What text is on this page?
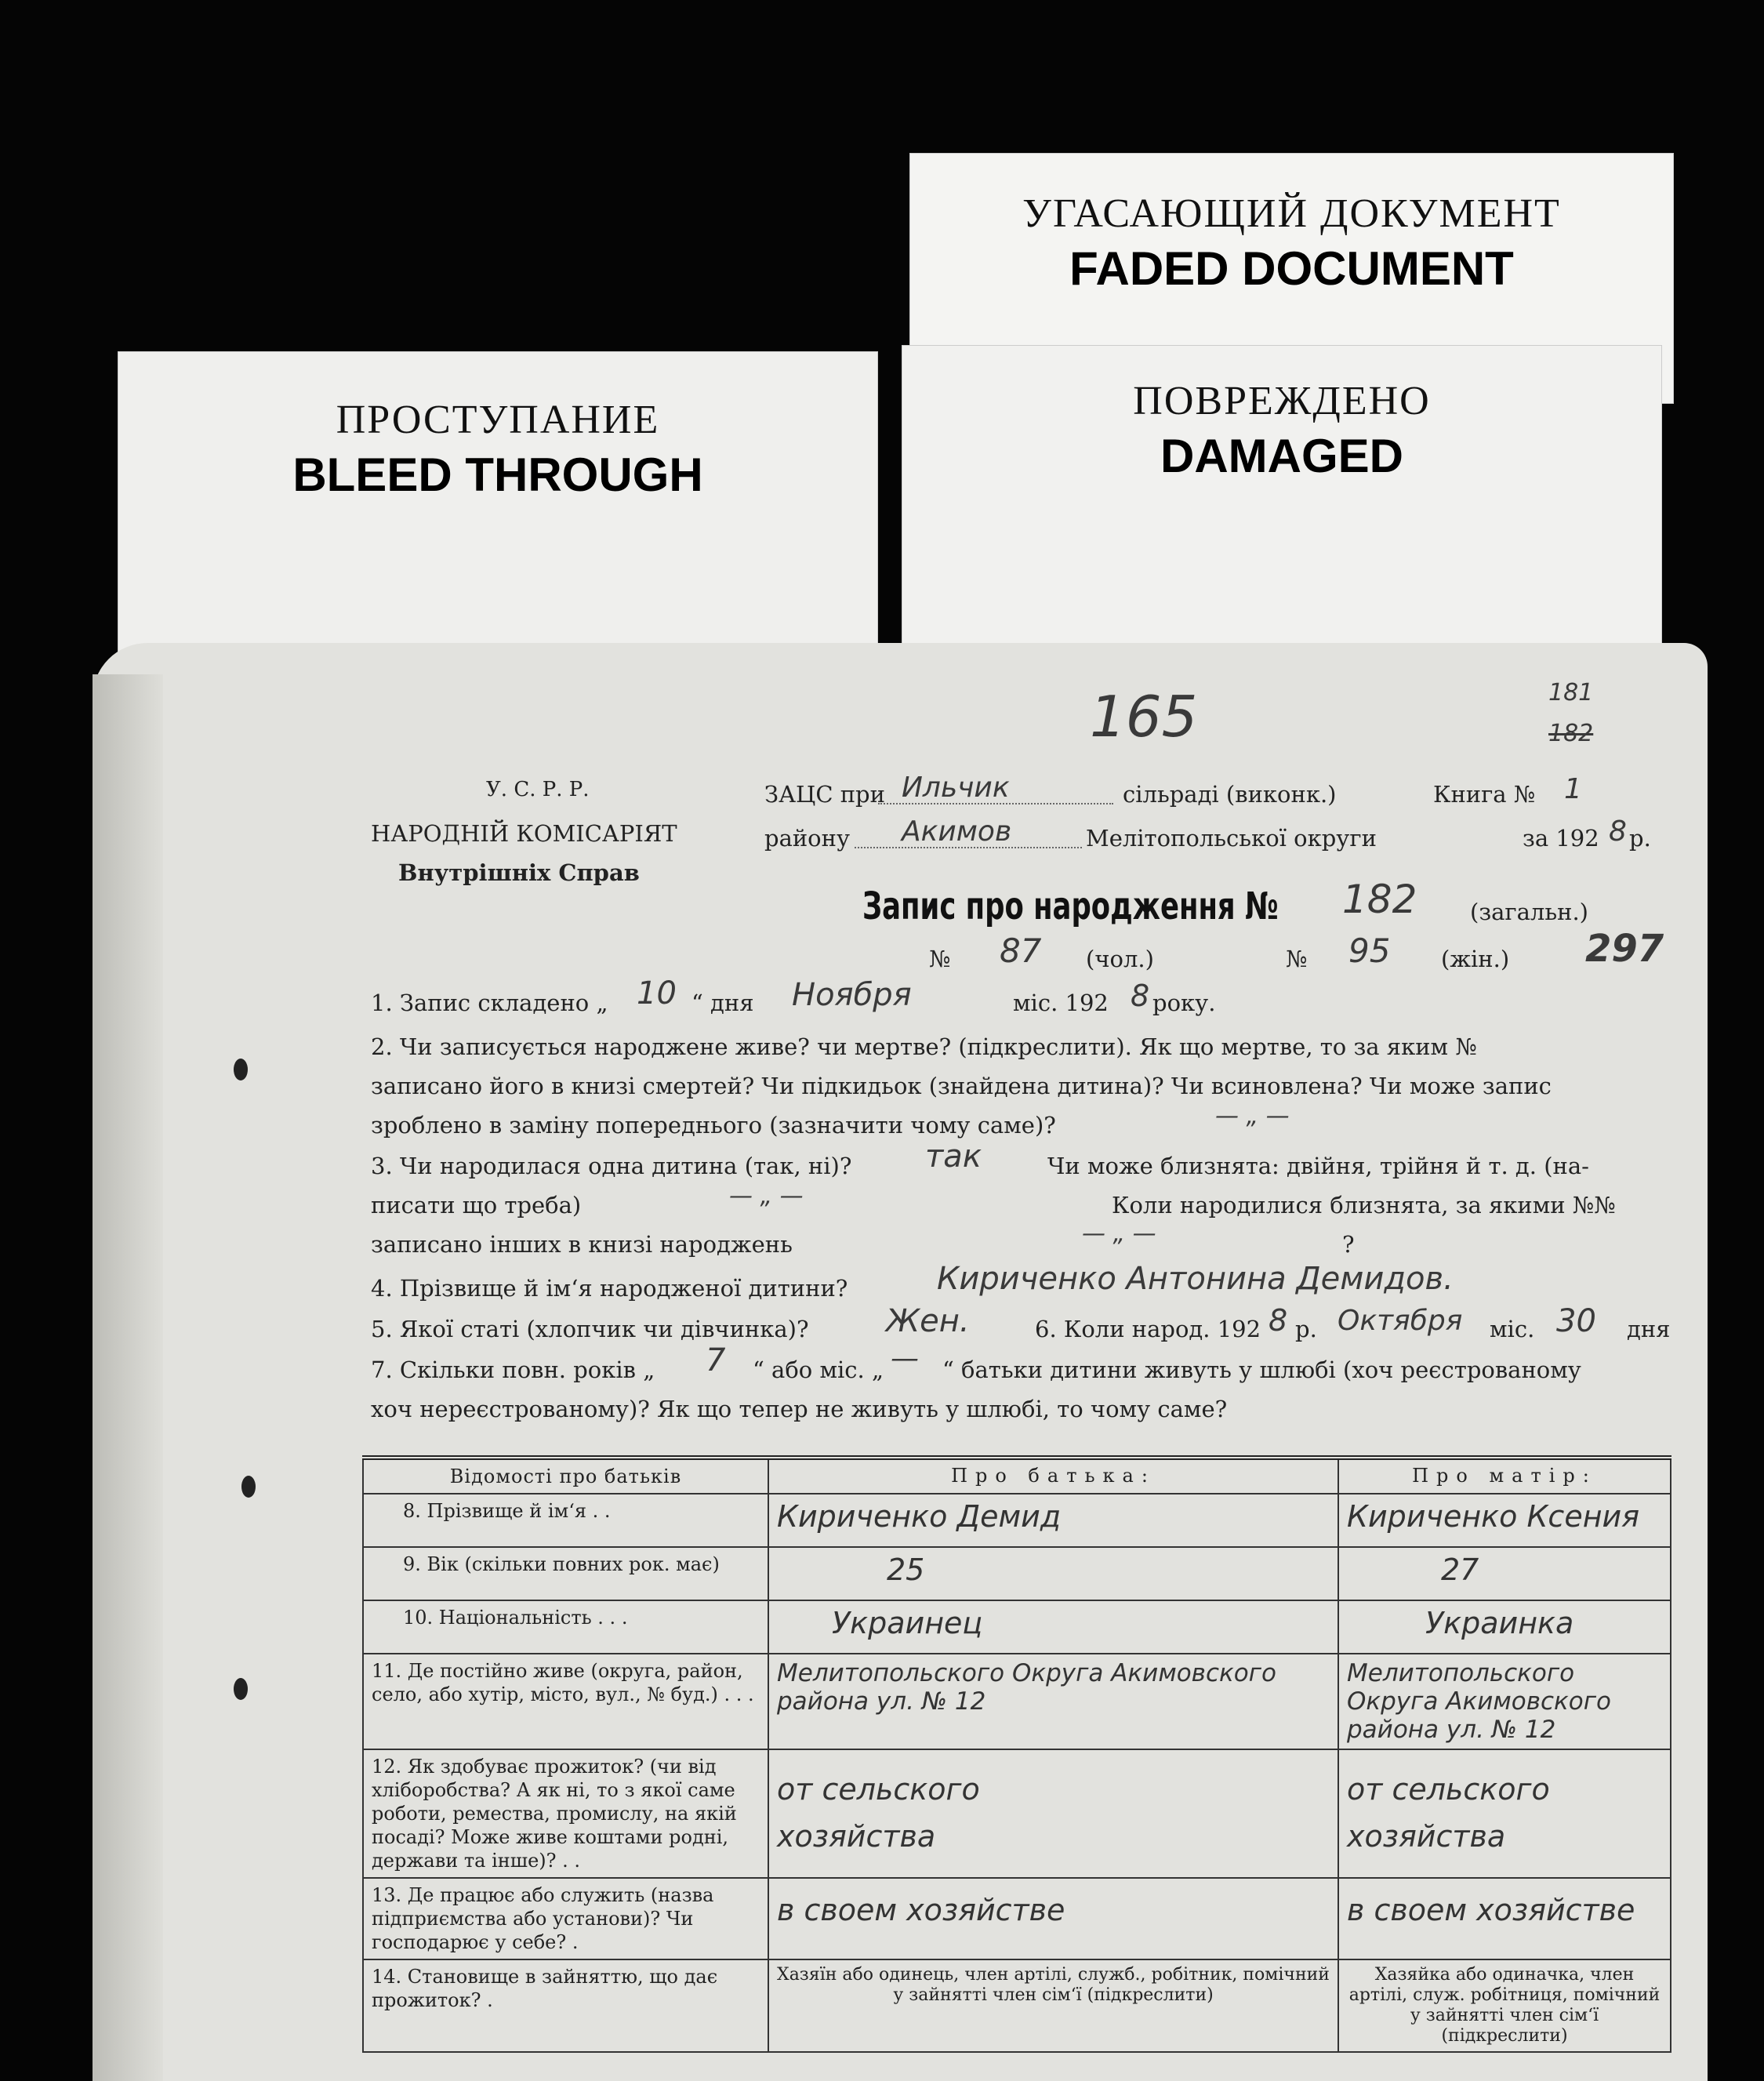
УГАСАЮЩИЙ ДОКУМЕНТ
FADED DOCUMENT
ПОВРЕЖДЕНО
DAMAGED
ПРОСТУПАНИЕ
BLEED THROUGH
165	181
182
У. С. Р. Р.
НАРОДНІЙ КОМІСАРІЯТ
Внутрішніх Справ
ЗАЦС при Ильчик	сільраді (виконк.)	Книга № 1
району Акимов	Мелітопольської округи	за 192 8 р.
Запис про народження № 182 (загальн.)
№ 87 (чол.)	№ 95 (жін.) 297
1. Запис складено „ 10 “ дня Ноября	міс. 192 8 року.
2. Чи записується народжене живе? чи мертве? (підкреслити). Як що мертве, то за яким №
записано його в книзі смертей? Чи підкидьок (знайдена дитина)? Чи всиновлена? Чи може запис
зроблено в заміну попереднього (зазначити чому саме)?	— „ —
3. Чи народилася одна дитина (так, ні)? так	Чи може близнята: двійня, трійня й т. д. (на-
писати що треба)	— „ —	Коли народилися близнята, за якими №№
записано інших в книзі народжень	— „ —	?
4. Прізвище й ім‘я народженої дитини?	Кириченко Антонина Демидов.
5. Якої статі (хлопчик чи дівчинка)? Жен.	6. Коли народ. 192 8 р. Октября міс. 30 дня
7. Скільки повн. років „ 7 “ або міс. „ — “ батьки дитини живуть у шлюбі (хоч реєстрованому
хоч нереєстрованому)? Як що тепер не живуть у шлюбі, то чому саме?
Відомості про батьків	Про батька:	Про матір:
8. Прізвище й ім‘я . .	Кириченко Демид	Кириченко Ксения

9. Вік (скільки повних рок. має)	25	27

10. Національність . . .	Украинец	Украинка

11. Де постійно живе (округа, район, село, або хутір, місто, вул., № буд.) . . .	Мелитопольского Округа Акимовского района ул. № 12	Мелитопольского Округа Акимовского района ул. № 12

12. Як здобуває прожиток? (чи від хліборобства? А як ні, то з якої саме роботи, ремества, промислу, на якій посаді? Може живе коштами родні, держави та інше)? . .	от сельского хозяйства	от сельского хозяйства

13. Де працює або служить (назва підприємства або установи)? Чи господарює у себе? .	в своем хозяйстве	в своем хозяйстве

14. Становище в зайняттю, що дає прожиток? .	Хазяїн або одинець, член артілі, служб., робітник, помічний у зайнятті член сім‘ї (підкреслити)	Хазяйка або одиначка, член артілі, служ. робітниця, помічний у зайнятті член сім‘ї (підкреслити)
